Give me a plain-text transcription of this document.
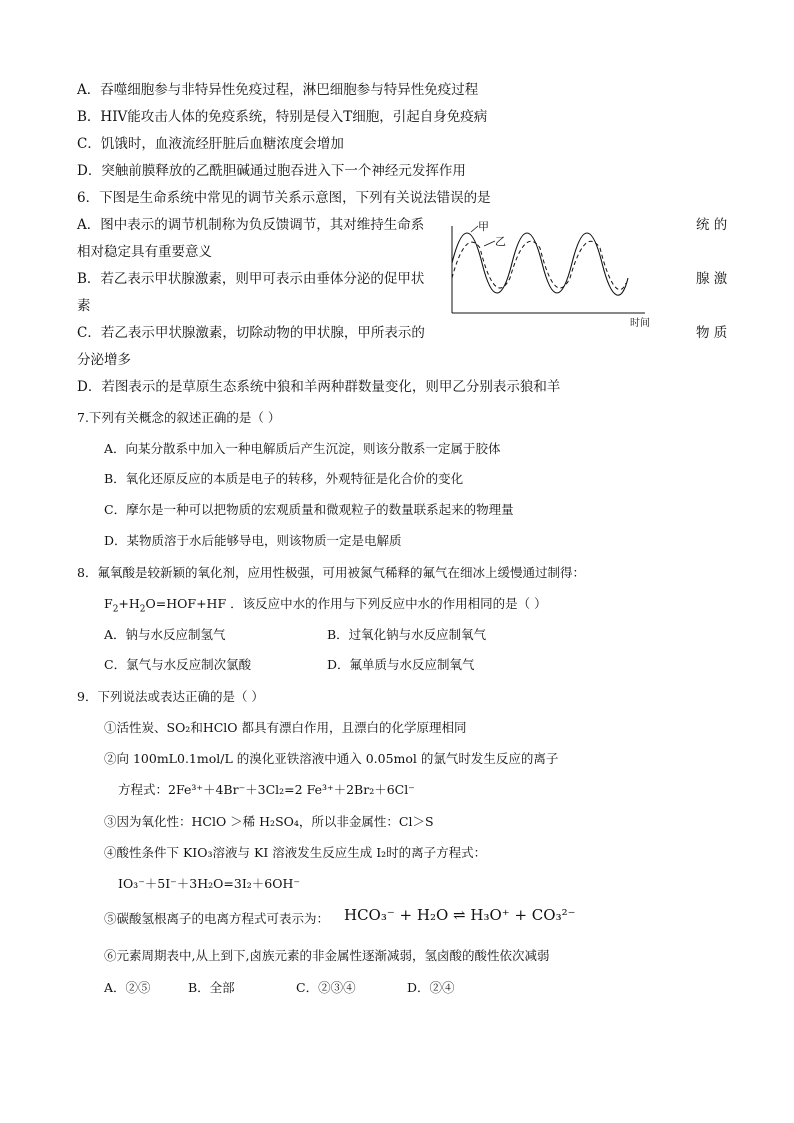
A．吞噬细胞参与非特异性免疫过程，淋巴细胞参与特异性免疫过程
B．HIV能攻击人体的免疫系统，特别是侵入T细胞，引起自身免疫病
C．饥饿时，血液流经肝脏后血糖浓度会增加
D．突触前膜释放的乙酰胆碱通过胞吞进入下一个神经元发挥作用
6．下图是生命系统中常见的调节关系示意图，下列有关说法错误的是
A．图中表示的调节机制称为负反馈调节，其对维持生命系	统 的
相对稳定具有重要意义
B．若乙表示甲状腺激素，则甲可表示由垂体分泌的促甲状	腺 激
素
C．若乙表示甲状腺激素，切除动物的甲状腺，甲所表示的	物 质
分泌增多
D．若图表示的是草原生态系统中狼和羊两种群数量变化，则甲乙分别表示狼和羊
甲
乙
时间
7.下列有关概念的叙述正确的是（ ）
A．向某分散系中加入一种电解质后产生沉淀，则该分散系一定属于胶体
B．氧化还原反应的本质是电子的转移，外观特征是化合价的变化
C．摩尔是一种可以把物质的宏观质量和微观粒子的数量联系起来的物理量
D．某物质溶于水后能够导电，则该物质一定是电解质
8．氟氧酸是较新颖的氧化剂，应用性极强，可用被氮气稀释的氟气在细冰上缓慢通过制得：
$F_2+H_2O=HOF+HF$ ．该反应中水的作用与下列反应中水的作用相同的是（ ）
A．钠与水反应制氢气	B．过氧化钠与水反应制氧气
C．氯气与水反应制次氯酸	D．氟单质与水反应制氧气
9．下列说法或表达正确的是（ ）
①活性炭、SO₂和HClO 都具有漂白作用，且漂白的化学原理相同
②向 100mL0.1mol/L 的溴化亚铁溶液中通入 0.05mol 的氯气时发生反应的离子
方程式：2Fe³⁺＋4Br⁻＋3Cl₂=2 Fe³⁺＋2Br₂＋6Cl⁻
③因为氧化性：HClO ＞稀 H₂SO₄，所以非金属性：Cl＞S
④酸性条件下 KIO₃溶液与 KI 溶液发生反应生成 I₂时的离子方程式：
IO₃⁻＋5I⁻＋3H₂O=3I₂＋6OH⁻
⑤碳酸氢根离子的电离方程式可表示为： HCO₃⁻ + H₂O ⇌ H₃O⁺ + CO₃²⁻
⑥元素周期表中,从上到下,卤族元素的非金属性逐渐减弱，氢卤酸的酸性依次减弱
A．②⑤	B．全部	C．②③④	D．②④
